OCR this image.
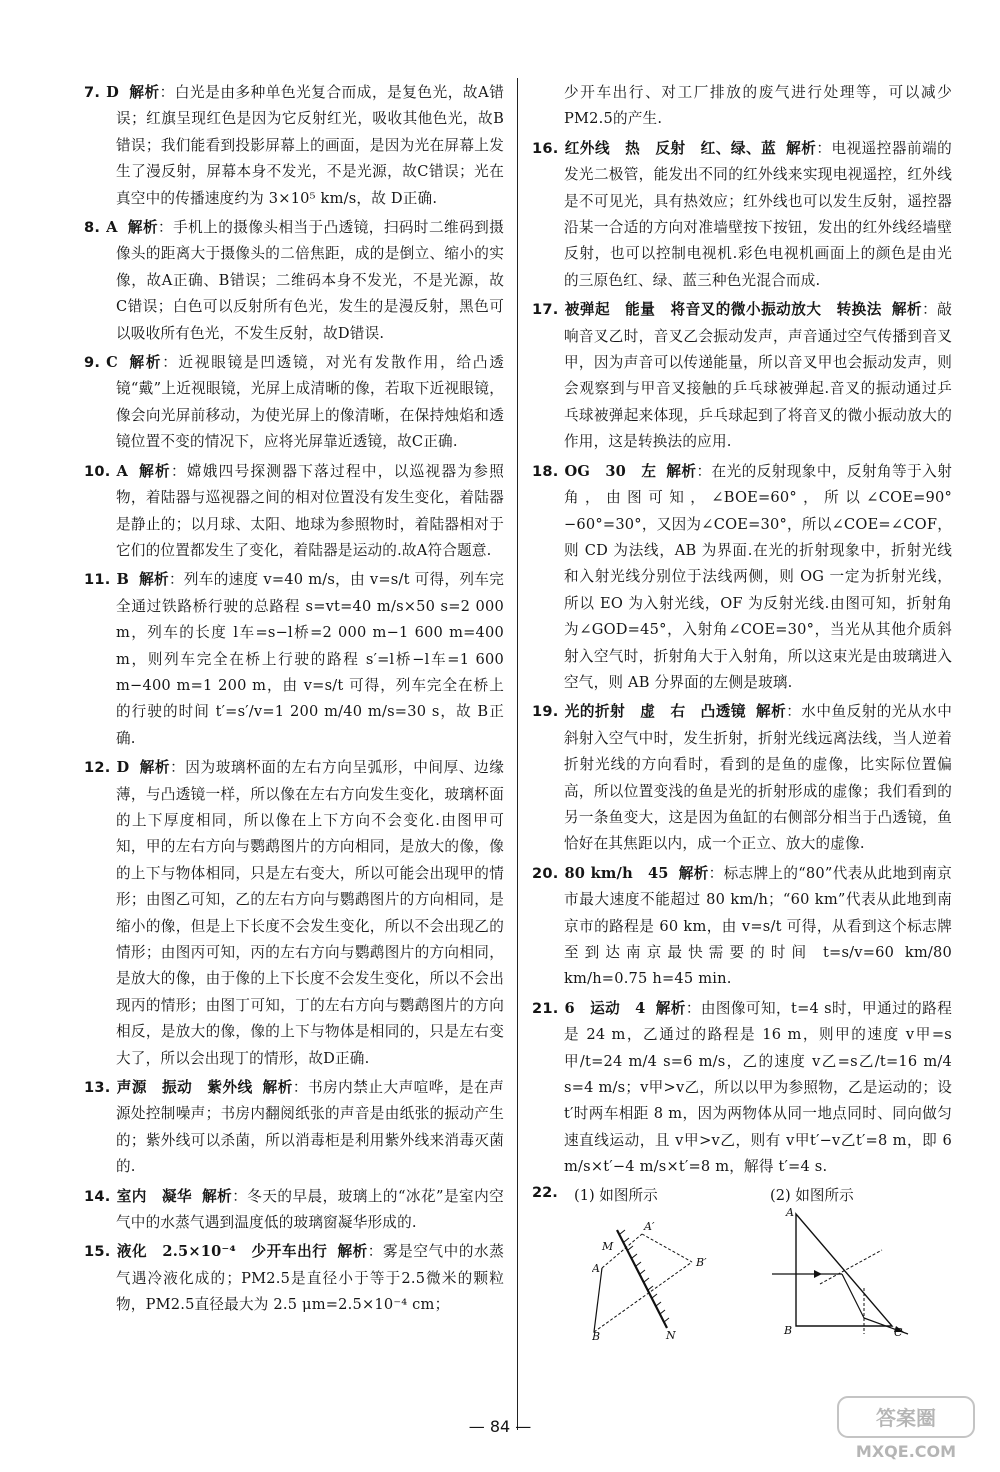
7. D 解析：白光是由多种单色光复合而成，是复色光，故A错误；红旗呈现红色是因为它反射红光，吸收其他色光，故B错误；我们能看到投影屏幕上的画面，是因为光在屏幕上发生了漫反射，屏幕本身不发光，不是光源，故C错误；光在真空中的传播速度约为 3×10⁵ km/s，故 D正确.
8. A 解析：手机上的摄像头相当于凸透镜，扫码时二维码到摄像头的距离大于摄像头的二倍焦距，成的是倒立、缩小的实像，故A正确、B错误；二维码本身不发光，不是光源，故C错误；白色可以反射所有色光，发生的是漫反射，黑色可以吸收所有色光，不发生反射，故D错误.
9. C 解析：近视眼镜是凹透镜，对光有发散作用，给凸透镜“戴”上近视眼镜，光屏上成清晰的像，若取下近视眼镜，像会向光屏前移动，为使光屏上的像清晰，在保持烛焰和透镜位置不变的情况下，应将光屏靠近透镜，故C正确.
10. A 解析：嫦娥四号探测器下落过程中，以巡视器为参照物，着陆器与巡视器之间的相对位置没有发生变化，着陆器是静止的；以月球、太阳、地球为参照物时，着陆器相对于它们的位置都发生了变化，着陆器是运动的.故A符合题意.
11. B 解析：列车的速度 v=40 m/s，由 v=s/t 可得，列车完全通过铁路桥行驶的总路程 s=vt=40 m/s×50 s=2 000 m，列车的长度 l车=s−l桥=2 000 m−1 600 m=400 m，则列车完全在桥上行驶的路程 s′=l桥−l车=1 600 m−400 m=1 200 m，由 v=s/t 可得，列车完全在桥上的行驶的时间 t′=s′/v=1 200 m/40 m/s=30 s，故 B正确.
12. D 解析：因为玻璃杯面的左右方向呈弧形，中间厚、边缘薄，与凸透镜一样，所以像在左右方向发生变化，玻璃杯面的上下厚度相同，所以像在上下方向不会变化.由图甲可知，甲的左右方向与鹦鹉图片的方向相同，是放大的像，像的上下与物体相同，只是左右变大，所以可能会出现甲的情形；由图乙可知，乙的左右方向与鹦鹉图片的方向相同，是缩小的像，但是上下长度不会发生变化，所以不会出现乙的情形；由图丙可知，丙的左右方向与鹦鹉图片的方向相同，是放大的像，由于像的上下长度不会发生变化，所以不会出现丙的情形；由图丁可知，丁的左右方向与鹦鹉图片的方向相反，是放大的像，像的上下与物体是相同的，只是左右变大了，所以会出现丁的情形，故D正确.
13. 声源　振动　紫外线 解析：书房内禁止大声喧哗，是在声源处控制噪声；书房内翻阅纸张的声音是由纸张的振动产生的；紫外线可以杀菌，所以消毒柜是利用紫外线来消毒灭菌的.
14. 室内　凝华 解析：冬天的早晨，玻璃上的“冰花”是室内空气中的水蒸气遇到温度低的玻璃窗凝华形成的.
15. 液化　2.5×10⁻⁴　少开车出行 解析：雾是空气中的水蒸气遇冷液化成的；PM2.5是直径小于等于2.5微米的颗粒物，PM2.5直径最大为 2.5 μm=2.5×10⁻⁴ cm；
少开车出行、对工厂排放的废气进行处理等，可以减少PM2.5的产生.
16. 红外线　热　反射　红、绿、蓝 解析：电视遥控器前端的发光二极管，能发出不同的红外线来实现电视遥控，红外线是不可见光，具有热效应；红外线也可以发生反射，遥控器沿某一合适的方向对准墙壁按下按钮，发出的红外线经墙壁反射，也可以控制电视机.彩色电视机画面上的颜色是由光的三原色红、绿、蓝三种色光混合而成.
17. 被弹起　能量　将音叉的微小振动放大　转换法 解析：敲响音叉乙时，音叉乙会振动发声，声音通过空气传播到音叉甲，因为声音可以传递能量，所以音叉甲也会振动发声，则会观察到与甲音叉接触的乒乓球被弹起.音叉的振动通过乒乓球被弹起来体现，乒乓球起到了将音叉的微小振动放大的作用，这是转换法的应用.
18. OG　30　左 解析：在光的反射现象中，反射角等于入射角，由图可知，∠BOE=60°，所以∠COE=90°−60°=30°，又因为∠COE=30°，所以∠COE=∠COF，则 CD 为法线，AB 为界面.在光的折射现象中，折射光线和入射光线分别位于法线两侧，则 OG 一定为折射光线，所以 EO 为入射光线，OF 为反射光线.由图可知，折射角为∠GOD=45°，入射角∠COE=30°，当光从其他介质斜射入空气时，折射角大于入射角，所以这束光是由玻璃进入空气，则 AB 分界面的左侧是玻璃.
19. 光的折射　虚　右　凸透镜 解析：水中鱼反射的光从水中斜射入空气中时，发生折射，折射光线远离法线，当人逆着折射光线的方向看时，看到的是鱼的虚像，比实际位置偏高，所以位置变浅的鱼是光的折射形成的虚像；我们看到的另一条鱼变大，这是因为鱼缸的右侧部分相当于凸透镜，鱼恰好在其焦距以内，成一个正立、放大的虚像.
20. 80 km/h　45 解析：标志牌上的“80”代表从此地到南京市最大速度不能超过 80 km/h；“60 km”代表从此地到南京市的路程是 60 km，由 v=s/t 可得，从看到这个标志牌至到达南京最快需要的时间 t=s/v=60 km/80 km/h=0.75 h=45 min.
21. 6　运动　4 解析：由图像可知，t=4 s时，甲通过的路程是 24 m，乙通过的路程是 16 m，则甲的速度 v甲=s甲/t=24 m/4 s=6 m/s，乙的速度 v乙=s乙/t=16 m/4 s=4 m/s；v甲>v乙，所以以甲为参照物，乙是运动的；设 t′时两车相距 8 m，因为两物体从同一地点同时、同向做匀速直线运动，且 v甲>v乙，则有 v甲t′−v乙t′=8 m，即 6 m/s×t′−4 m/s×t′=8 m，解得 t′=4 s.
22.	(1) 如图所示	(2) 如图所示
A′
M
A	B′
B	N
A
B	C
— 84 —	答案圈
MXQE.COM
